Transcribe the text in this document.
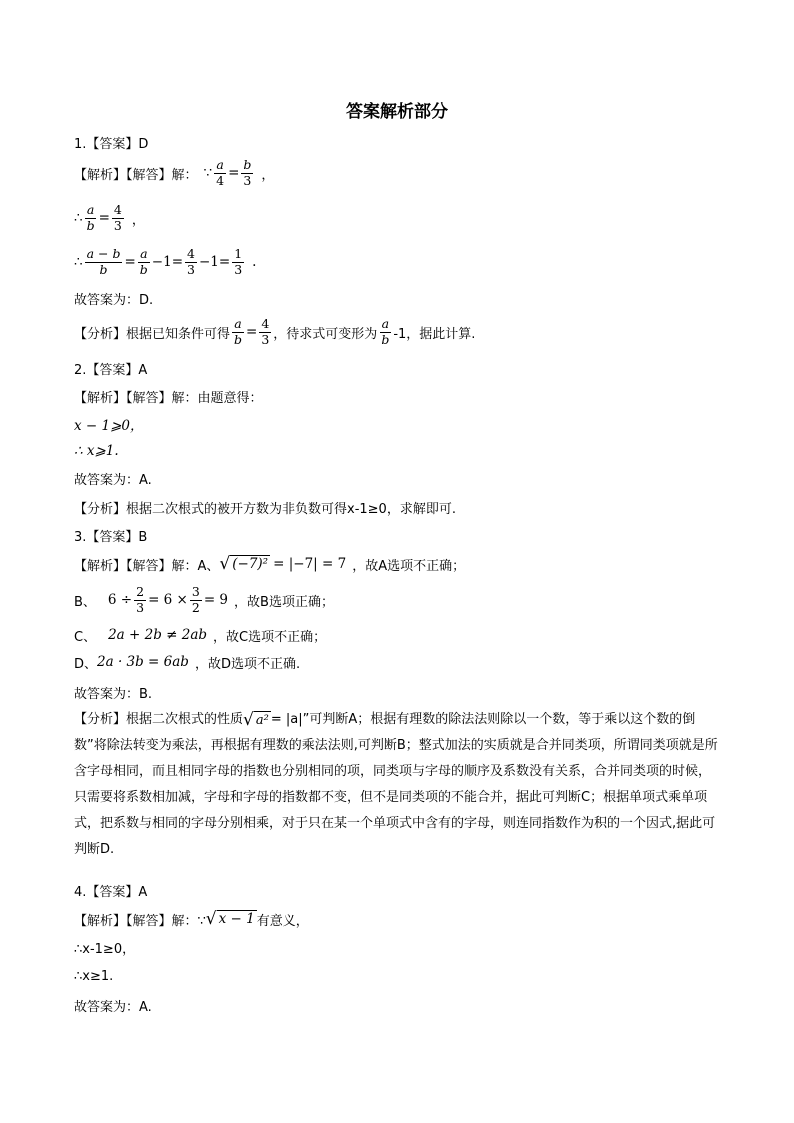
答案解析部分
1.【答案】D
【解析】【解答】解： ∵ $\frac{a}{4} = \frac{b}{3}$ ，
∴ $\frac{a}{b} = \frac{4}{3}$ ，
∴ $\frac{a - b}{b} = \frac{a}{b} -1 = \frac{4}{3} -1 = \frac{1}{3}$ .
故答案为：D.
【分析】根据已知条件可得 $\frac{a}{b} = \frac{4}{3}$ ，待求式可变形为 $\frac{a}{b} -1$，据此计算.
2.【答案】A
【解析】【解答】解：由题意得：
x − 1⩾0，
∴ x⩾1.
故答案为：A.
【分析】根据二次根式的被开方数为非负数可得x-1≥0，求解即可.
3.【答案】B
【解析】【解答】解：A、 √ (−7)² = |−7| = 7 ，故A选项不正确；
B、 $6 \div \frac{2}{3} = 6 \times \frac{3}{2} = 9$ ，故B选项正确；
C、 2a + 2b ≠ 2ab ，故C选项不正确；
D、 2a · 3b = 6ab ，故D选项不正确.
故答案为：B.
【分析】根据二次根式的性质 √ a² = |a|”可判断A；根据有理数的除法法则除以一个数，等于乘以这个数的倒数”将除法转变为乘法，再根据有理数的乘法法则,可判断B；整式加法的实质就是合并同类项，所谓同类项就是所含字母相同，而且相同字母的指数也分别相同的项，同类项与字母的顺序及系数没有关系，合并同类项的时候，只需要将系数相加减，字母和字母的指数都不变，但不是同类项的不能合并，据此可判断C；根据单项式乘单项式，把系数与相同的字母分别相乘，对于只在某一个单项式中含有的字母，则连同指数作为积的一个因式,据此可判断D.
4.【答案】A
【解析】【解答】解：∵ √ x − 1 有意义，
∴x-1≥0，
∴x≥1.
故答案为：A.
